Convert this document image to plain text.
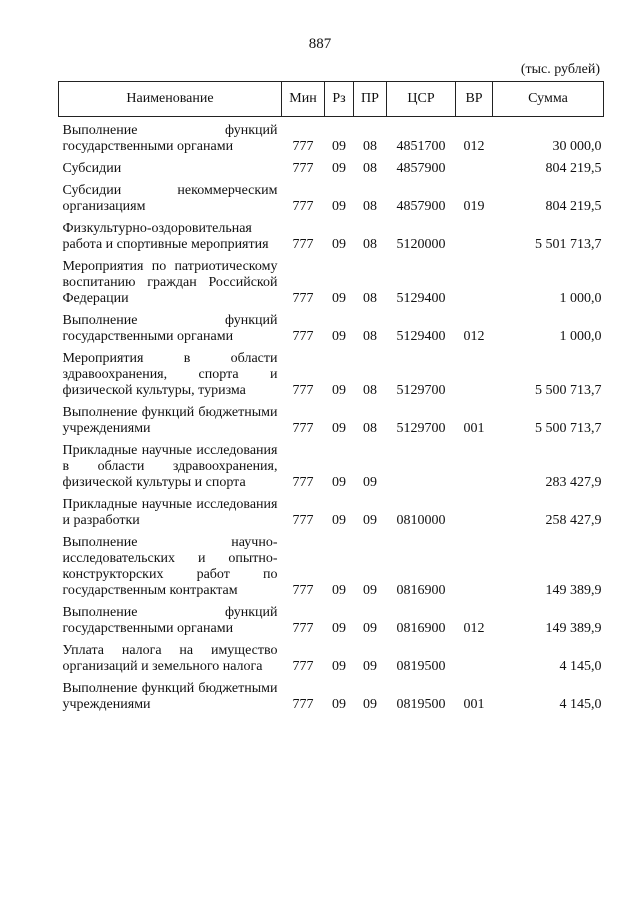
887
(тыс. рублей)
Наименование	Мин	Рз	ПР	ЦСР	ВР	Сумма
Выполнение функций государственными органами	777	09	08	4851700	012	30 000,0
Субсидии	777	09	08	4857900		804 219,5
Субсидии некоммерческим организациям	777	09	08	4857900	019	804 219,5
Физкультурно-оздоровительная работа и спортивные мероприятия	777	09	08	5120000		5 501 713,7
Мероприятия по патриотическому воспитанию граждан Российской Федерации	777	09	08	5129400		1 000,0
Выполнение функций государственными органами	777	09	08	5129400	012	1 000,0
Мероприятия в области здравоохранения, спорта и физической культуры, туризма	777	09	08	5129700		5 500 713,7
Выполнение функций бюджетными учреждениями	777	09	08	5129700	001	5 500 713,7
Прикладные научные исследования в области здравоохранения, физической культуры и спорта	777	09	09			283 427,9
Прикладные научные исследования и разработки	777	09	09	0810000		258 427,9
Выполнение научно-исследовательских и опытно-конструкторских работ по государственным контрактам	777	09	09	0816900		149 389,9
Выполнение функций государственными органами	777	09	09	0816900	012	149 389,9
Уплата налога на имущество организаций и земельного налога	777	09	09	0819500		4 145,0
Выполнение функций бюджетными учреждениями	777	09	09	0819500	001	4 145,0
